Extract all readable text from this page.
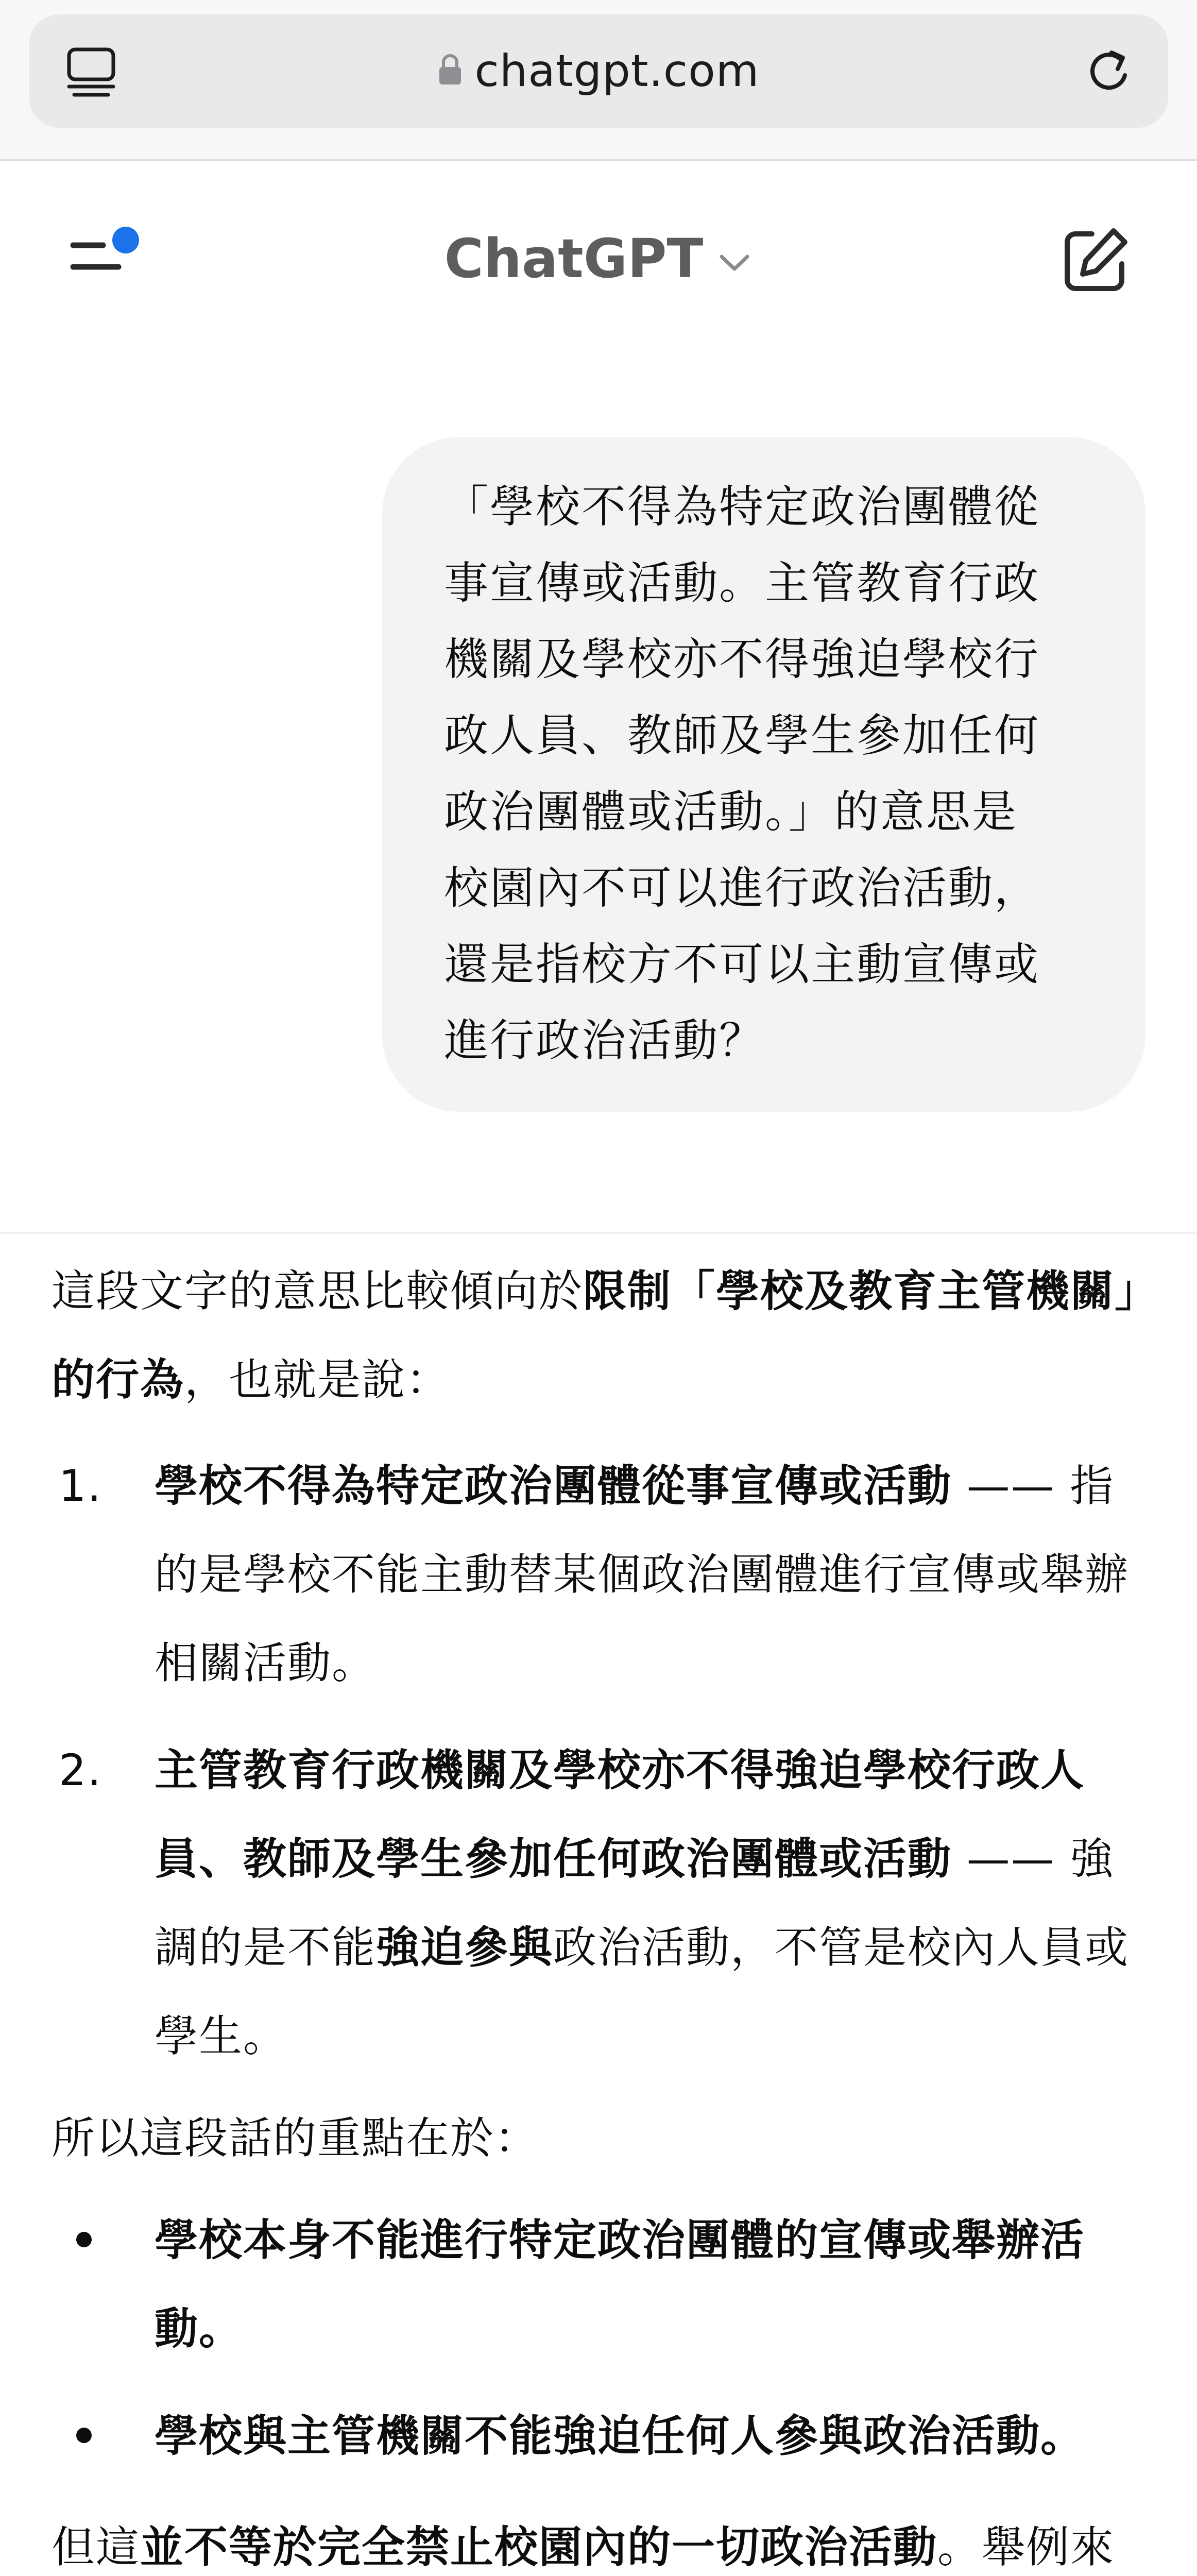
chatgpt.com
ChatGPT
「學校不得為特定政治團體從
事宣傳或活動。主管教育行政
機關及學校亦不得強迫學校行
政人員、教師及學生參加任何
政治團體或活動。」的意思是
校園內不可以進行政治活動，
還是指校方不可以主動宣傳或
進行政治活動？

這段文字的意思比較傾向於限制「學校及教育主管機關」的行為，也就是說：

1. 學校不得為特定政治團體從事宣傳或活動 —— 指的是學校不能主動替某個政治團體進行宣傳或舉辦相關活動。
2. 主管教育行政機關及學校亦不得強迫學校行政人員、教師及學生參加任何政治團體或活動 —— 強調的是不能強迫參與政治活動，不管是校內人員或學生。

所以這段話的重點在於：

學校本身不能進行特定政治團體的宣傳或舉辦活動。
學校與主管機關不能強迫任何人參與政治活動。

但這並不等於完全禁止校園內的一切政治活動。舉例來
